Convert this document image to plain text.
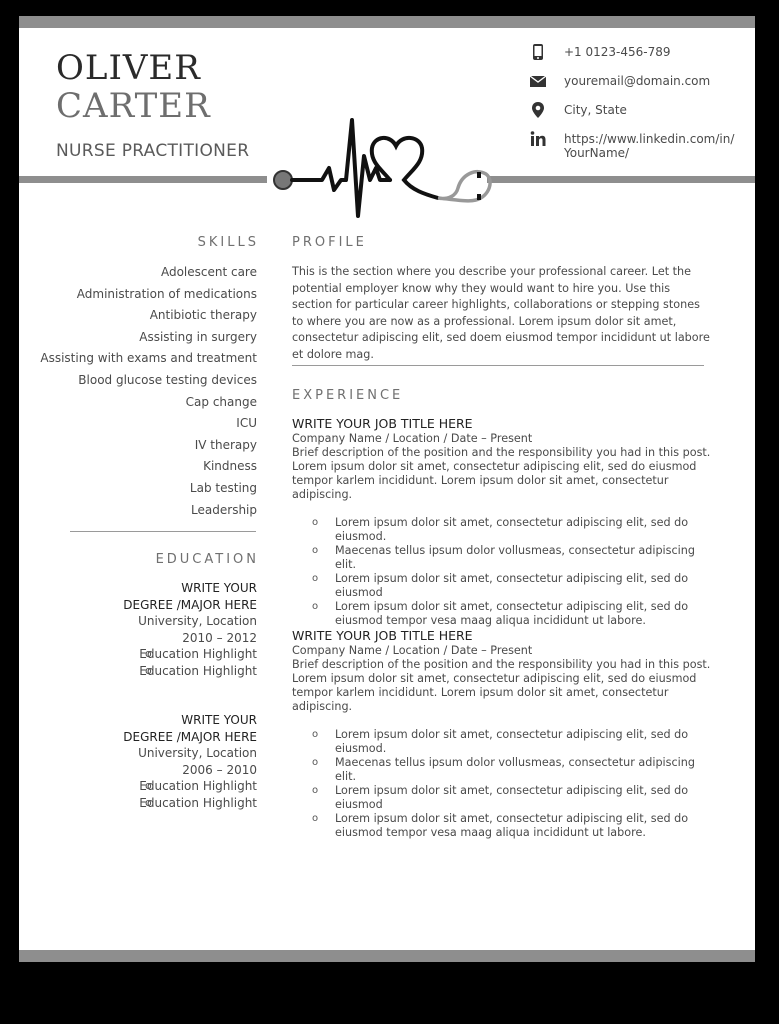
OLIVER
CARTER
NURSE PRACTITIONER
+1 0123-456-789
youremail@domain.com
City, State
https://www.linkedin.com/in/ YourName/
SKILLS
Adolescent care
Administration of medications
Antibiotic therapy
Assisting in surgery
Assisting with exams and treatment
Blood glucose testing devices
Cap change
ICU
IV therapy
Kindness
Lab testing
Leadership
EDUCATION
WRITE YOUR
DEGREE /MAJOR HERE
University, Location
2010 – 2012
o Education Highlight
o Education Highlight
WRITE YOUR
DEGREE /MAJOR HERE
University, Location
2006 – 2010
o Education Highlight
o Education Highlight
PROFILE
This is the section where you describe your professional career. Let the potential employer know why they would want to hire you. Use this section for particular career highlights, collaborations or stepping stones to where you are now as a professional. Lorem ipsum dolor sit amet, consectetur adipiscing elit, sed doem eiusmod tempor incididunt ut labore et dolore mag.
EXPERIENCE
WRITE YOUR JOB TITLE HERE
Company Name / Location / Date – Present
Brief description of the position and the responsibility you had in this post. Lorem ipsum dolor sit amet, consectetur adipiscing elit, sed do eiusmod tempor karlem incididunt. Lorem ipsum dolor sit amet, consectetur adipiscing.
o Lorem ipsum dolor sit amet, consectetur adipiscing elit, sed do eiusmod.
o Maecenas tellus ipsum dolor vollusmeas, consectetur adipiscing elit.
o Lorem ipsum dolor sit amet, consectetur adipiscing elit, sed do eiusmod
o Lorem ipsum dolor sit amet, consectetur adipiscing elit, sed do eiusmod tempor vesa maag aliqua incididunt ut labore.
WRITE YOUR JOB TITLE HERE
Company Name / Location / Date – Present
Brief description of the position and the responsibility you had in this post. Lorem ipsum dolor sit amet, consectetur adipiscing elit, sed do eiusmod tempor karlem incididunt. Lorem ipsum dolor sit amet, consectetur adipiscing.
o Lorem ipsum dolor sit amet, consectetur adipiscing elit, sed do eiusmod.
o Maecenas tellus ipsum dolor vollusmeas, consectetur adipiscing elit.
o Lorem ipsum dolor sit amet, consectetur adipiscing elit, sed do eiusmod
o Lorem ipsum dolor sit amet, consectetur adipiscing elit, sed do eiusmod tempor vesa maag aliqua incididunt ut labore.
